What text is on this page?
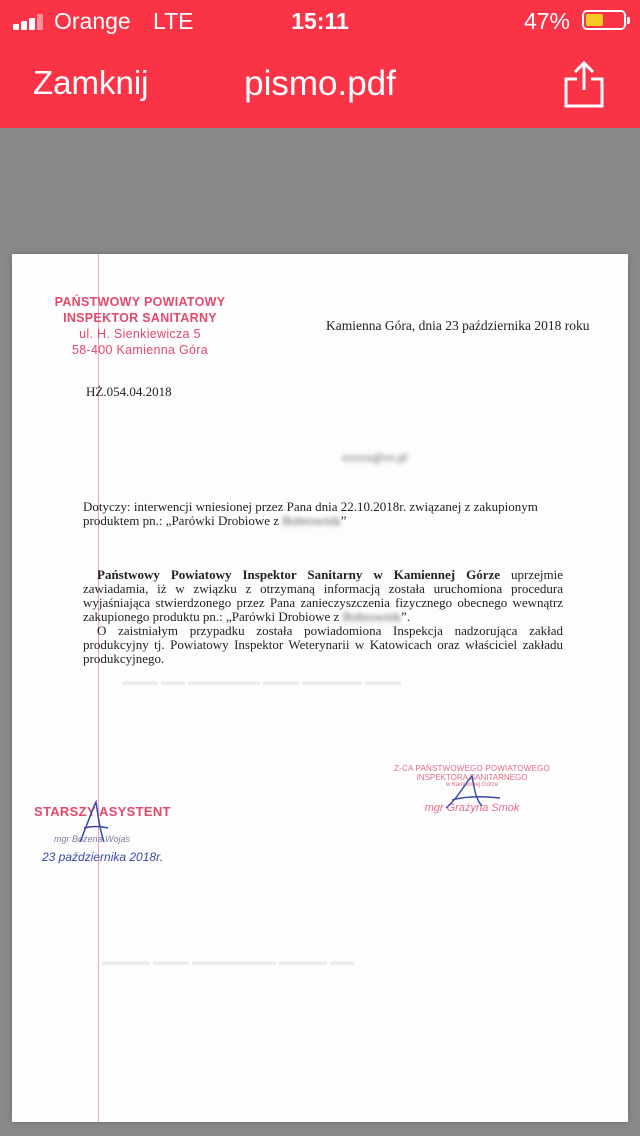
Orange LTE	15:11	47%
Zamknij	pismo.pdf
▬▬▬ ▬▬ ▬▬▬▬▬▬ ▬▬▬ ▬▬▬▬▬ ▬▬▬
▬▬▬▬ ▬▬▬ ▬▬▬▬▬▬▬ ▬▬▬▬ ▬▬
PAŃSTWOWY POWIATOWY
INSPEKTOR SANITARNY
ul. H. Sienkiewicza 5
58-400 Kamienna Góra
Kamienna Góra, dnia 23 października 2018 roku
HŻ.054.04.2018
xxxxx@xx.pl
Dotyczy: interwencji wniesionej przez Pana dnia 22.10.2018r. związanej z zakupionym
produktem pn.: „Parówki Drobiowe z Bobrownik”

Państwowy Powiatowy Inspektor Sanitarny w Kamiennej Górze uprzejmie zawiadamia, iż w związku z otrzymaną informacją została uruchomiona procedura wyjaśniająca stwierdzonego przez Pana zanieczyszczenia fizycznego obecnego wewnątrz zakupionego produktu pn.: „Parówki Drobiowe z Bobrownik”.

O zaistniałym przypadku została powiadomiona Inspekcja nadzorująca zakład produkcyjny tj. Powiatowy Inspektor Weterynarii w Katowicach oraz właściciel zakładu produkcyjnego.

STARSZY ASYSTENT
mgr Bożena Wojas
23 października 2018r.
Z-CA PAŃSTWOWEGO POWIATOWEGO
INSPEKTORA SANITARNEGO
w Kamiennej Górze
mgr Grażyna Smok
